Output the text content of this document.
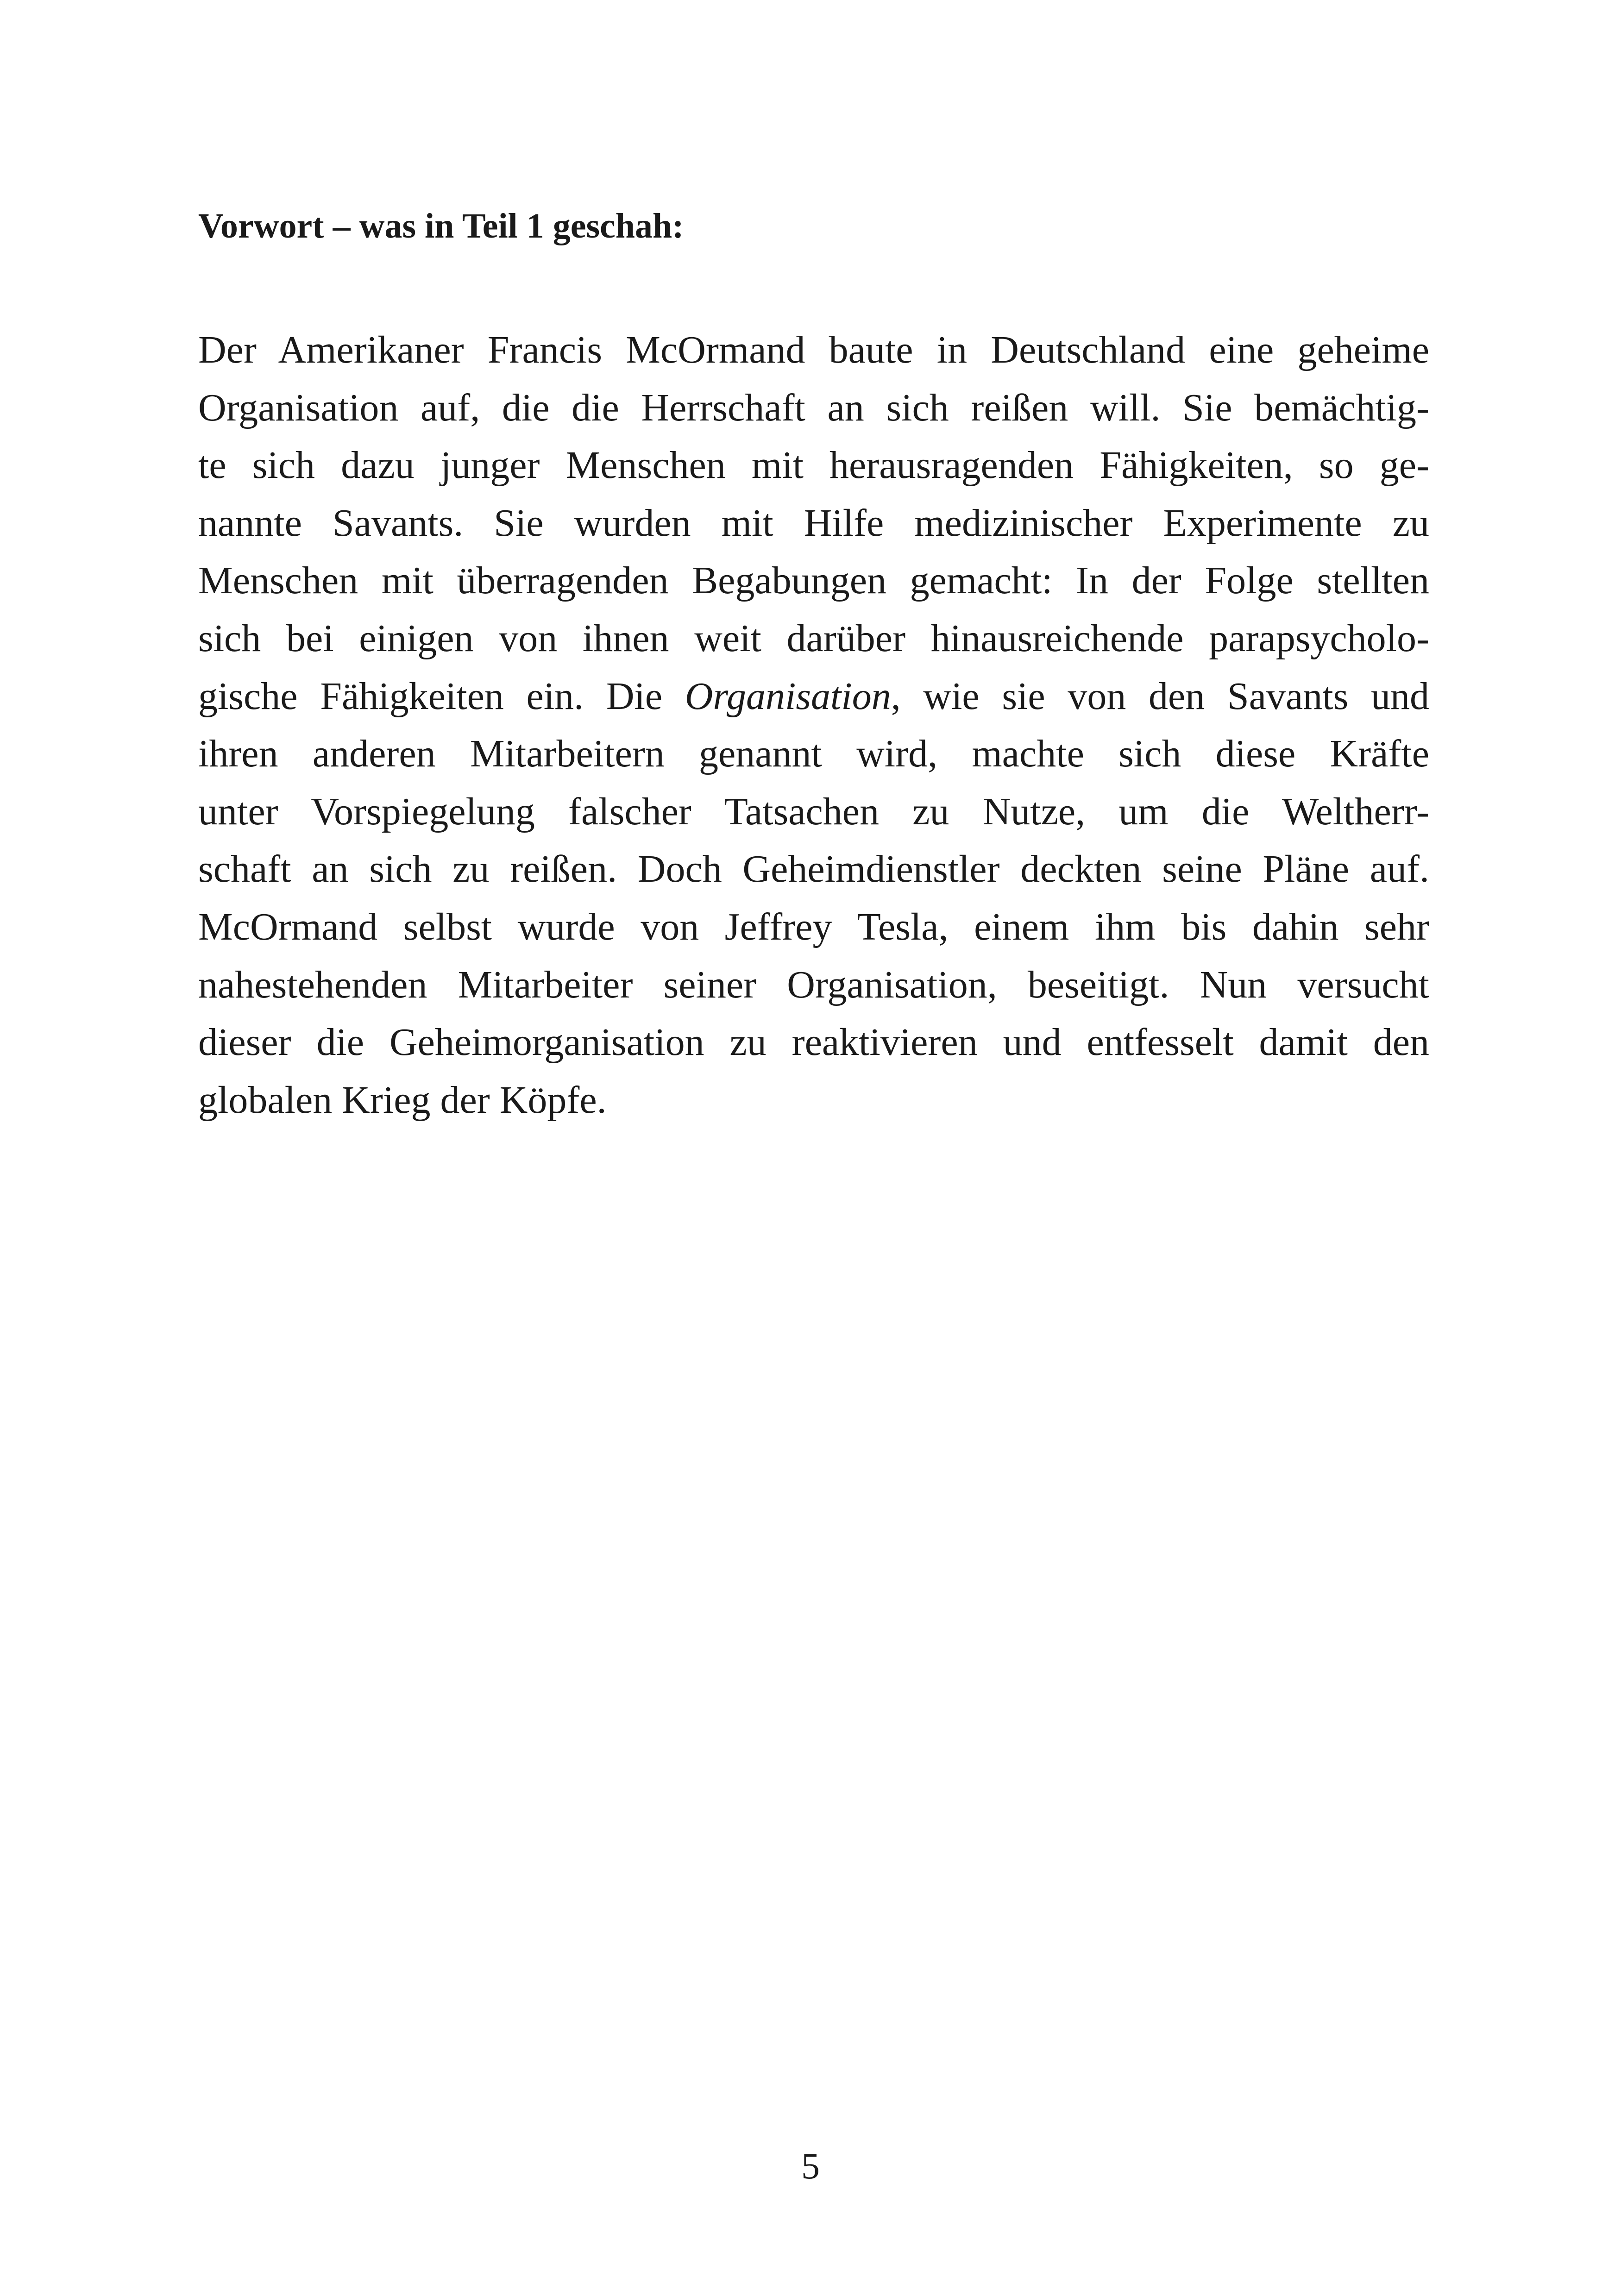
Vorwort – was in Teil 1 geschah:
Der Amerikaner Francis McOrmand baute in Deutschland eine geheime
Organisation auf, die die Herrschaft an sich reißen will. Sie bemächtig-
te sich dazu junger Menschen mit herausragenden Fähigkeiten, so ge-
nannte Savants. Sie wurden mit Hilfe medizinischer Experimente zu
Menschen mit überragenden Begabungen gemacht: In der Folge stellten
sich bei einigen von ihnen weit darüber hinausreichende parapsycholo-
gische Fähigkeiten ein. Die Organisation, wie sie von den Savants und
ihren anderen Mitarbeitern genannt wird, machte sich diese Kräfte
unter Vorspiegelung falscher Tatsachen zu Nutze, um die Weltherr-
schaft an sich zu reißen. Doch Geheimdienstler deckten seine Pläne auf.
McOrmand selbst wurde von Jeffrey Tesla, einem ihm bis dahin sehr
nahestehenden Mitarbeiter seiner Organisation, beseitigt. Nun versucht
dieser die Geheimorganisation zu reaktivieren und entfesselt damit den
globalen Krieg der Köpfe.
5
